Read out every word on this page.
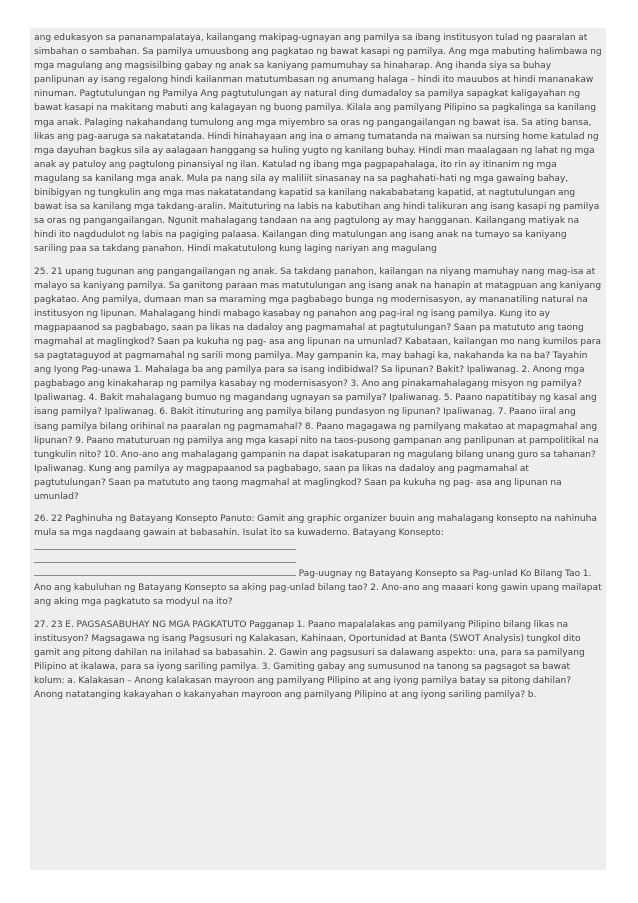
ang edukasyon sa pananampalataya, kailangang makipag-ugnayan ang pamilya sa ibang institusyon tulad ng paaralan at simbahan o sambahan. Sa pamilya umuusbong ang pagkatao ng bawat kasapi ng pamilya. Ang mga mabuting halimbawa ng mga magulang ang magsisilbing gabay ng anak sa kaniyang pamumuhay sa hinaharap. Ang ihanda siya sa buhay panlipunan ay isang regalong hindi kailanman matutumbasan ng anumang halaga – hindi ito mauubos at hindi mananakaw ninuman. Pagtutulungan ng Pamilya Ang pagtutulungan ay natural ding dumadaloy sa pamilya sapagkat kaligayahan ng bawat kasapi na makitang mabuti ang kalagayan ng buong pamilya. Kilala ang pamilyang Pilipino sa pagkalinga sa kanilang mga anak. Palaging nakahandang tumulong ang mga miyembro sa oras ng pangangailangan ng bawat isa. Sa ating bansa, likas ang pag-aaruga sa nakatatanda. Hindi hinahayaan ang ina o amang tumatanda na maiwan sa nursing home katulad ng mga dayuhan bagkus sila ay aalagaan hanggang sa huling yugto ng kanilang buhay. Hindi man maalagaan ng lahat ng mga anak ay patuloy ang pagtulong pinansiyal ng ilan. Katulad ng ibang mga pagpapahalaga, ito rin ay itinanim ng mga magulang sa kanilang mga anak. Mula pa nang sila ay maliliit sinasanay na sa paghahati-hati ng mga gawaing bahay, binibigyan ng tungkulin ang mga mas nakatatandang kapatid sa kanilang nakababatang kapatid, at nagtutulungan ang bawat isa sa kanilang mga takdang-aralin. Maituturing na labis na kabutihan ang hindi talikuran ang isang kasapi ng pamilya sa oras ng pangangailangan. Ngunit mahalagang tandaan na ang pagtulong ay may hangganan. Kailangang matiyak na hindi ito nagdudulot ng labis na pagiging palaasa. Kailangan ding matulungan ang isang anak na tumayo sa kaniyang sariling paa sa takdang panahon. Hindi makatutulong kung laging nariyan ang magulang

25. 21 upang tugunan ang pangangailangan ng anak. Sa takdang panahon, kailangan na niyang mamuhay nang mag-isa at malayo sa kaniyang pamilya. Sa ganitong paraan mas matutulungan ang isang anak na hanapin at matagpuan ang kaniyang pagkatao. Ang pamilya, dumaan man sa maraming mga pagbabago bunga ng modernisasyon, ay mananatiling natural na institusyon ng lipunan. Mahalagang hindi mabago kasabay ng panahon ang pag-iral ng isang pamilya. Kung ito ay magpapaanod sa pagbabago, saan pa likas na dadaloy ang pagmamahal at pagtutulungan? Saan pa matututo ang taong magmahal at maglingkod? Saan pa kukuha ng pag- asa ang lipunan na umunlad? Kabataan, kailangan mo nang kumilos para sa pagtataguyod at pagmamahal ng sarili mong pamilya. May gampanin ka, may bahagi ka, nakahanda ka na ba? Tayahin ang Iyong Pag-unawa 1. Mahalaga ba ang pamilya para sa isang indibidwal? Sa lipunan? Bakit? Ipaliwanag. 2. Anong mga pagbabago ang kinakaharap ng pamilya kasabay ng modernisasyon? 3. Ano ang pinakamahalagang misyon ng pamilya? Ipaliwanag. 4. Bakit mahalagang bumuo ng magandang ugnayan sa pamilya? Ipaliwanag. 5. Paano napatitibay ng kasal ang isang pamilya? Ipaliwanag. 6. Bakit itinuturing ang pamilya bilang pundasyon ng lipunan? Ipaliwanag. 7. Paano iiral ang isang pamilya bilang orihinal na paaralan ng pagmamahal? 8. Paano magagawa ng pamilyang makatao at mapagmahal ang lipunan? 9. Paano matuturuan ng pamilya ang mga kasapi nito na taos-pusong gampanan ang panlipunan at pampolitikal na tungkulin nito? 10. Ano-ano ang mahalagang gampanin na dapat isakatuparan ng magulang bilang unang guro sa tahanan? Ipaliwanag. Kung ang pamilya ay magpapaanod sa pagbabago, saan pa likas na dadaloy ang pagmamahal at pagtutulungan? Saan pa matututo ang taong magmahal at maglingkod? Saan pa kukuha ng pag- asa ang lipunan na umunlad?

26. 22 Paghinuha ng Batayang Konsepto Panuto: Gamit ang graphic organizer buuin ang mahalagang konsepto na nahinuha mula sa mga nagdaang gawain at babasahin. Isulat ito sa kuwaderno. Batayang Konsepto:
Pag-uugnay ng Batayang Konsepto sa Pag-unlad Ko Bilang Tao 1. Ano ang kabuluhan ng Batayang Konsepto sa aking pag-unlad bilang tao? 2. Ano-ano ang maaari kong gawin upang mailapat ang aking mga pagkatuto sa modyul na ito?

27. 23 E. PAGSASABUHAY NG MGA PAGKATUTO Pagganap 1. Paano mapalalakas ang pamilyang Pilipino bilang likas na institusyon? Magsagawa ng isang Pagsusuri ng Kalakasan, Kahinaan, Oportunidad at Banta (SWOT Analysis) tungkol dito gamit ang pitong dahilan na inilahad sa babasahin. 2. Gawin ang pagsusuri sa dalawang aspekto: una, para sa pamilyang Pilipino at ikalawa, para sa iyong sariling pamilya. 3. Gamiting gabay ang sumusunod na tanong sa pagsagot sa bawat kolum: a. Kalakasan – Anong kalakasan mayroon ang pamilyang Pilipino at ang iyong pamilya batay sa pitong dahilan? Anong natatanging kakayahan o kakanyahan mayroon ang pamilyang Pilipino at ang iyong sariling pamilya? b.
